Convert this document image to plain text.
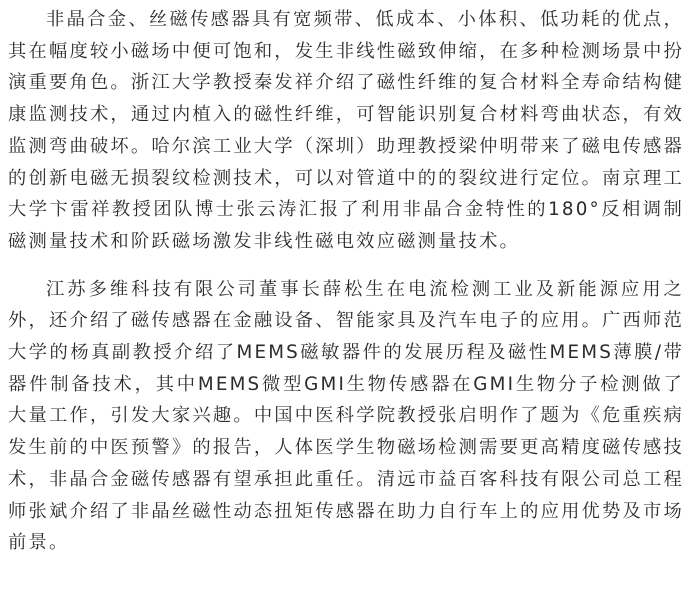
非晶合金、丝磁传感器具有宽频带、低成本、小体积、低功耗的优点，其在幅度较小磁场中便可饱和，发生非线性磁致伸缩，在多种检测场景中扮演重要角色。浙江大学教授秦发祥介绍了磁性纤维的复合材料全寿命结构健康监测技术，通过内植入的磁性纤维，可智能识别复合材料弯曲状态，有效监测弯曲破坏。哈尔滨工业大学（深圳）助理教授梁仲明带来了磁电传感器的创新电磁无损裂纹检测技术，可以对管道中的的裂纹进行定位。南京理工大学卞雷祥教授团队博士张云涛汇报了利用非晶合金特性的180°反相调制磁测量技术和阶跃磁场激发非线性磁电效应磁测量技术。

江苏多维科技有限公司董事长薛松生在电流检测工业及新能源应用之外，还介绍了磁传感器在金融设备、智能家具及汽车电子的应用。广西师范大学的杨真副教授介绍了MEMS磁敏器件的发展历程及磁性MEMS薄膜/带器件制备技术，其中MEMS微型GMI生物传感器在GMI生物分子检测做了大量工作，引发大家兴趣。中国中医科学院教授张启明作了题为《危重疾病发生前的中医预警》的报告，人体医学生物磁场检测需要更高精度磁传感技术，非晶合金磁传感器有望承担此重任。清远市益百客科技有限公司总工程师张斌介绍了非晶丝磁性动态扭矩传感器在助力自行车上的应用优势及市场前景。
